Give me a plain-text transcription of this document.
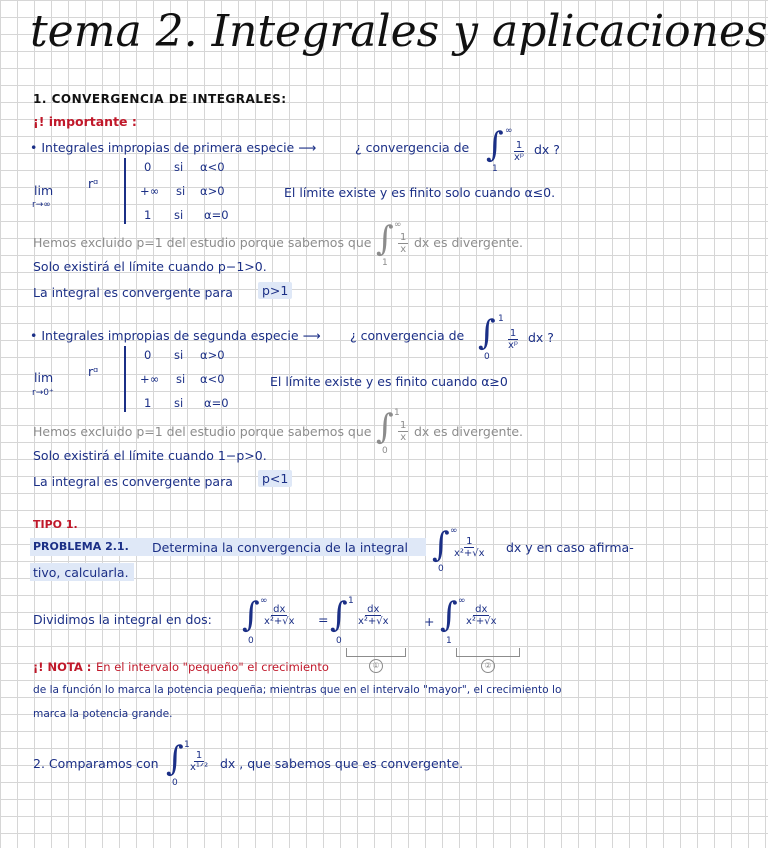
tema 2. Integrales y aplicaciones
1. CONVERGENCIA DE INTEGRALES:
¡! importante :
• Integrales impropias de primera especie ⟶	¿ convergencia de ∫ ∞
1
$\frac{1}{\text{xᵖ}}$ dx ?
lim
r→∞
rᵅ
0 si α<0
+∞ si α>0
1 si α=0
El límite existe y es finito solo cuando α≤0.
Hemos excluido p=1 del estudio porque sabemos que ∫ ∞
1
$\frac{1}{x}$ dx es divergente.
Solo existirá el límite cuando p−1>0.
La integral es convergente para	p>1
• Integrales impropias de segunda especie ⟶ ¿ convergencia de ∫ 1
0
$\frac{1}{\text{xᵖ}}$ dx ?
lim
r→0⁺
rᵅ
0 si α>0
+∞ si α<0
1 si α=0
El límite existe y es finito cuando α≥0
Hemos excluido p=1 del estudio porque sabemos que ∫ 1
0
$\frac{1}{x}$ dx es divergente.
Solo existirá el límite cuando 1−p>0.
La integral es convergente para	p<1
TIPO 1.
PROBLEMA 2.1. Determina la convergencia de la integral ∫ ∞
0
$\frac{1}{\text{x²+√x}}$ dx y en caso afirma-
tivo, calcularla.
Dividimos la integral en dos: ∫ ∞
0
$\frac{dx}{\text{x²+√x}}$ = ∫ 1
0
$\frac{dx}{\text{x²+√x}}$	+ ∫ ∞
1
$\frac{dx}{\text{x²+√x}}$
①	②
¡! NOTA : En el intervalo "pequeño" el crecimiento
de la función lo marca la potencia pequeña; mientras que en el intervalo "mayor", el crecimiento lo
marca la potencia grande.
2. Comparamos con ∫ 1
0
1
x¹ᐟ² dx , que sabemos que es convergente.
